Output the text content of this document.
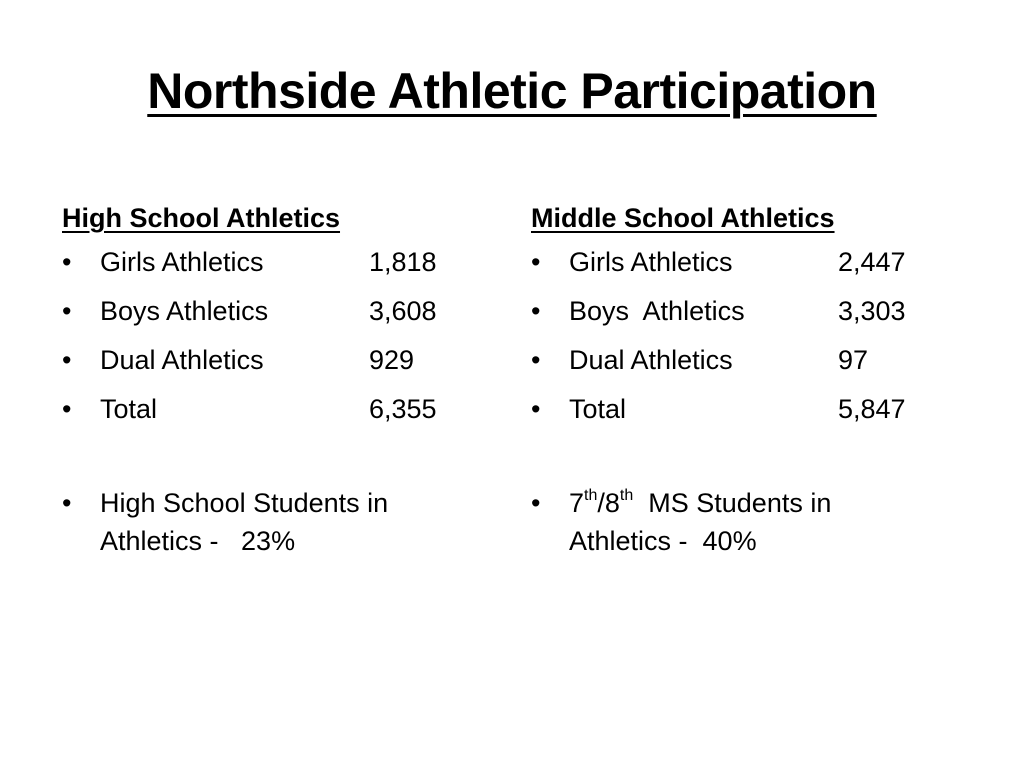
Northside Athletic Participation
High School Athletics
• Girls Athletics	1,818
• Boys Athletics	3,608
• Dual Athletics	929
• Total	6,355
• High School Students in
Athletics -   23%
Middle School Athletics
• Girls Athletics	2,447
• Boys  Athletics	3,303
• Dual Athletics	97
• Total	5,847
• 7th/8th  MS Students in
Athletics -  40%
